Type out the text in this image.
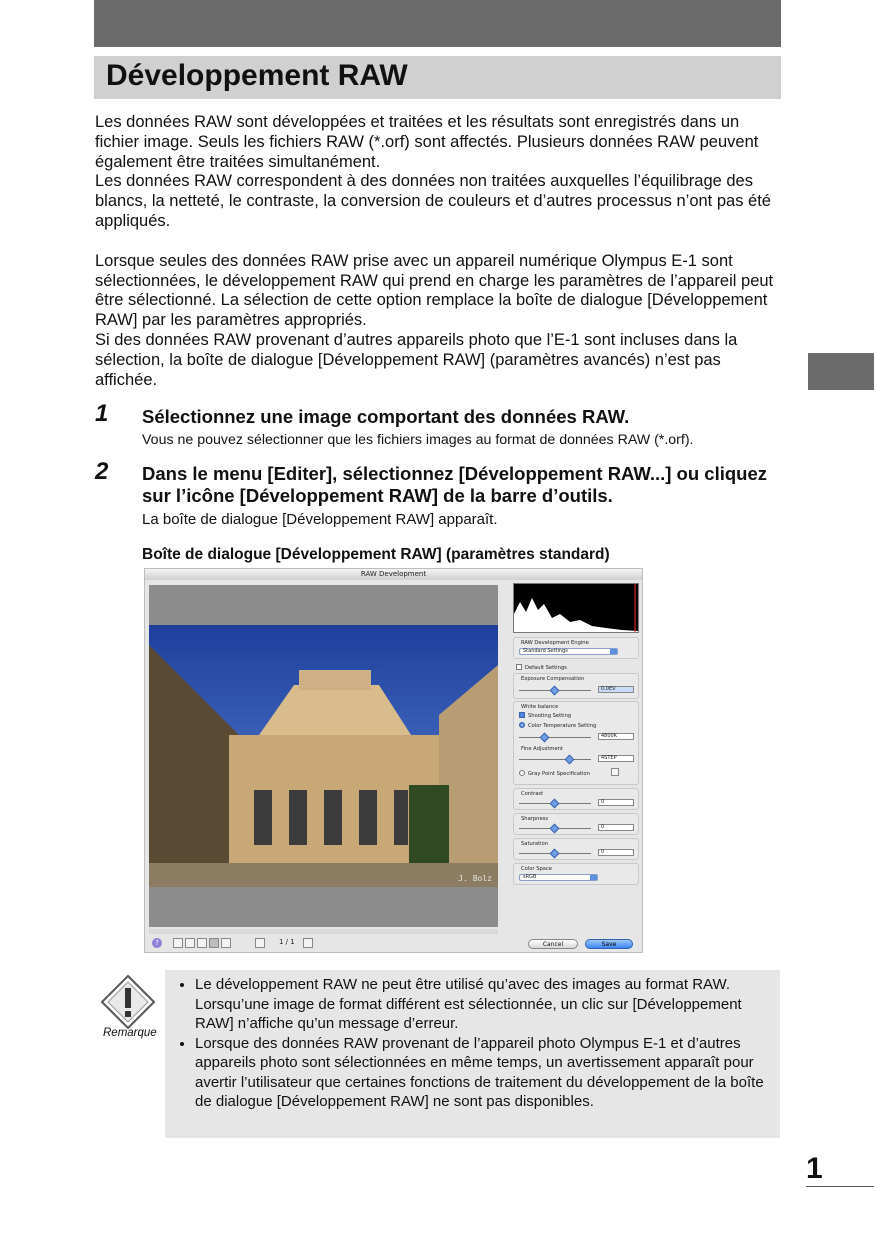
Développement RAW

Les données RAW sont développées et traitées et les résultats sont enregistrés dans un fichier image. Seuls les fichiers RAW (*.orf) sont affectés. Plusieurs données RAW peuvent également être traitées simultanément.

Les données RAW correspondent à des données non traitées auxquelles l’équilibrage des blancs, la netteté, le contraste, la conversion de couleurs et d’autres processus n’ont pas été appliqués.

Lorsque seules des données RAW prise avec un appareil numérique Olympus E-1 sont sélectionnées, le développement RAW qui prend en charge les paramètres de l’appareil peut être sélectionné. La sélection de cette option remplace la boîte de dialogue [Développement RAW] par les paramètres appropriés.

Si des données RAW provenant d’autres appareils photo que l’E-1 sont incluses dans la sélection, la boîte de dialogue [Développement RAW] (paramètres avancés) n’est pas affichée.

1 Sélectionnez une image comportant des données RAW.
Vous ne pouvez sélectionner que les fichiers images au format de données RAW (*.orf).
2 Dans le menu [Editer], sélectionnez [Développement RAW...] ou cliquez sur l’icône [Développement RAW] de la barre d’outils.
La boîte de dialogue [Développement RAW] apparaît.
Boîte de dialogue [Développement RAW] (paramètres standard)
RAW Development
J. Bolz
?	1 / 1
RAW Development Engine
Standard Settings
Default Settings
Exposure Compensation
0.0EV
White balance
Shooting Setting
Color Temperature Setting
4800K
Fine Adjustment
4STEP
Gray Point Specification
Contrast
0
Sharpness
0
Saturation
0
Color Space
sRGB
Cancel	Save
• Le développement RAW ne peut être utilisé qu’avec des images au format RAW. Lorsqu’une image de format différent est sélectionnée, un clic sur [Développement RAW] n’affiche qu’un message d’erreur.
• Lorsque des données RAW provenant de l’appareil photo Olympus E-1 et d’autres appareils photo sont sélectionnées en même temps, un avertissement apparaît pour avertir l’utilisateur que certaines fonctions de traitement du développement de la boîte de dialogue [Développement RAW] ne sont pas disponibles.
Remarque
1
